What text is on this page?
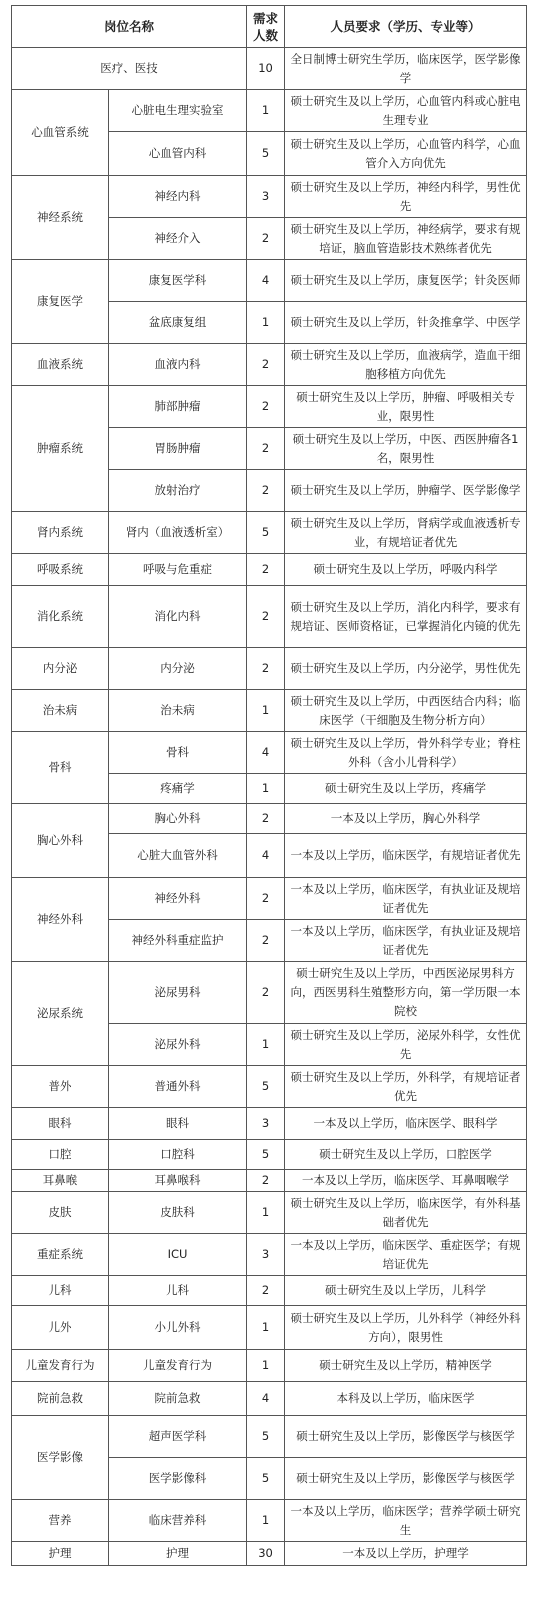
岗位名称		需求人数	人员要求（学历、专业等）
医疗、医技		10	全日制博士研究生学历，临床医学，医学影像学
心血管系统	心脏电生理实验室	1	硕士研究生及以上学历，心血管内科或心脏电生理专业
	心血管内科	5	硕士研究生及以上学历，心血管内科学，心血管介入方向优先
神经系统	神经内科	3	硕士研究生及以上学历，神经内科学，男性优先
	神经介入	2	硕士研究生及以上学历，神经病学，要求有规培证，脑血管造影技术熟练者优先
康复医学	康复医学科	4	硕士研究生及以上学历，康复医学；针灸医师
	盆底康复组	1	硕士研究生及以上学历，针灸推拿学、中医学
血液系统	血液内科	2	硕士研究生及以上学历，血液病学，造血干细胞移植方向优先
肿瘤系统	肺部肿瘤	2	硕士研究生及以上学历，肿瘤、呼吸相关专业，限男性
	胃肠肿瘤	2	硕士研究生及以上学历，中医、西医肿瘤各1名，限男性
	放射治疗	2	硕士研究生及以上学历，肿瘤学、医学影像学
肾内系统	肾内（血液透析室）	5	硕士研究生及以上学历，肾病学或血液透析专业，有规培证者优先
呼吸系统	呼吸与危重症	2	硕士研究生及以上学历，呼吸内科学
消化系统	消化内科	2	硕士研究生及以上学历，消化内科学，要求有规培证、医师资格证，已掌握消化内镜的优先
内分泌	内分泌	2	硕士研究生及以上学历，内分泌学，男性优先
治未病	治未病	1	硕士研究生及以上学历，中西医结合内科；临床医学（干细胞及生物分析方向）
骨科	骨科	4	硕士研究生及以上学历，骨外科学专业；脊柱外科（含小儿骨科学）
	疼痛学	1	硕士研究生及以上学历，疼痛学
胸心外科	胸心外科	2	一本及以上学历，胸心外科学
	心脏大血管外科	4	一本及以上学历，临床医学，有规培证者优先
神经外科	神经外科	2	一本及以上学历，临床医学，有执业证及规培证者优先
	神经外科重症监护	2	一本及以上学历，临床医学，有执业证及规培证者优先
泌尿系统	泌尿男科	2	硕士研究生及以上学历，中西医泌尿男科方向，西医男科生殖整形方向，第一学历限一本院校
	泌尿外科	1	硕士研究生及以上学历，泌尿外科学，女性优先
普外	普通外科	5	硕士研究生及以上学历，外科学，有规培证者优先
眼科	眼科	3	一本及以上学历，临床医学、眼科学
口腔	口腔科	5	硕士研究生及以上学历，口腔医学
耳鼻喉	耳鼻喉科	2	一本及以上学历，临床医学、耳鼻咽喉学
皮肤	皮肤科	1	硕士研究生及以上学历，临床医学，有外科基础者优先
重症系统	ICU	3	一本及以上学历，临床医学、重症医学；有规培证优先
儿科	儿科	2	硕士研究生及以上学历，儿科学
儿外	小儿外科	1	硕士研究生及以上学历，儿外科学（神经外科方向），限男性
儿童发育行为	儿童发育行为	1	硕士研究生及以上学历，精神医学
院前急救	院前急救	4	本科及以上学历，临床医学
医学影像	超声医学科	5	硕士研究生及以上学历，影像医学与核医学
	医学影像科	5	硕士研究生及以上学历，影像医学与核医学
营养	临床营养科	1	一本及以上学历，临床医学；营养学硕士研究生
护理	护理	30	一本及以上学历，护理学
